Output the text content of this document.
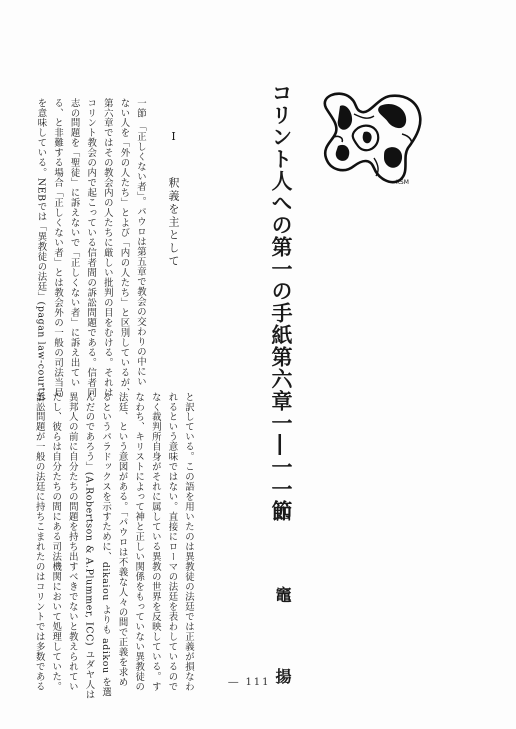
KSM
コリント人への第一の手紙第六章一―一一節
四 竈 揚
Ⅰ    釈義を主として
一節 「正しくない者」。パウロは第五章で教会の交わりの中にい
ない人を「外の人たち」とよび「内の人たち」と区別しているが、
第六章ではその教会内の人たちに厳しい批判の目をむける。それは
コリント教会の内で起こっている信者間の訴訟問題である。信者同
志の問題を「聖徒」に訴えないで「正しくない者」に訴え出てい
る、と非難する場合「正しくない者」とは教会外の一般の司法当局
を意味している。NEBでは「異教徒の法廷」(pagan law-courts)
と訳している。この語を用いたのは異教徒の法廷では正義が損なわ
れるという意味ではない。直接にローマの法廷を表わしているので
なく裁判所自身がそれに属している異教の世界を反映している。す
なわち、キリストによって神と正しい関係をもっていない異教徒の
法廷、という意図がある。「パウロは不義な人々の間で正義を求め
るというパラドックスを示すために、dikaiou よりも adikou を選
んだのであろう」(A.Robertson & A.Plummer, ICC) ユダヤ人は
異邦人の前に自分たちの問題を持ち出すべきでないと教えられてい
たし、彼らは自分たちの間にある司法機関において処理していた。
訴訟問題が一般の法廷に持ちこまれたのはコリントでは多数である	― 111 ―
